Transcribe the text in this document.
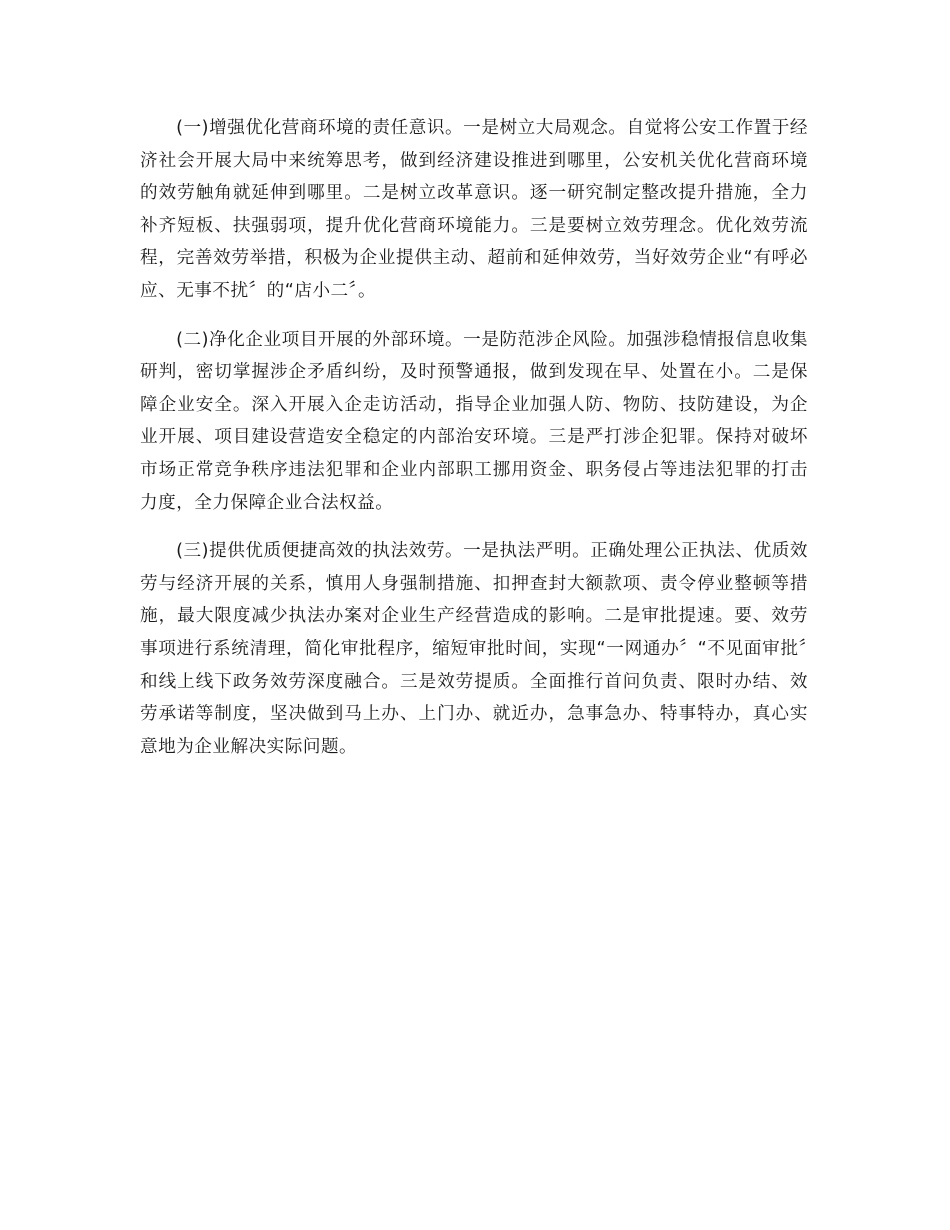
(一)增强优化营商环境的责任意识。一是树立大局观念。自觉将公安工作置于经济社会开展大局中来统筹思考，做到经济建设推进到哪里，公安机关优化营商环境的效劳触角就延伸到哪里。二是树立改革意识。逐一研究制定整改提升措施，全力补齐短板、扶强弱项，提升优化营商环境能力。三是要树立效劳理念。优化效劳流程，完善效劳举措，积极为企业提供主动、超前和延伸效劳，当好效劳企业“有呼必应、无事不扰〞的“店小二〞。

(二)净化企业项目开展的外部环境。一是防范涉企风险。加强涉稳情报信息收集研判，密切掌握涉企矛盾纠纷，及时预警通报，做到发现在早、处置在小。二是保障企业安全。深入开展入企走访活动，指导企业加强人防、物防、技防建设，为企业开展、项目建设营造安全稳定的内部治安环境。三是严打涉企犯罪。保持对破坏市场正常竞争秩序违法犯罪和企业内部职工挪用资金、职务侵占等违法犯罪的打击力度，全力保障企业合法权益。

(三)提供优质便捷高效的执法效劳。一是执法严明。正确处理公正执法、优质效劳与经济开展的关系，慎用人身强制措施、扣押查封大额款项、责令停业整顿等措施，最大限度减少执法办案对企业生产经营造成的影响。二是审批提速。要、效劳事项进行系统清理，简化审批程序，缩短审批时间，实现“一网通办〞“不见面审批〞和线上线下政务效劳深度融合。三是效劳提质。全面推行首问负责、限时办结、效劳承诺等制度，坚决做到马上办、上门办、就近办，急事急办、特事特办，真心实意地为企业解决实际问题。
